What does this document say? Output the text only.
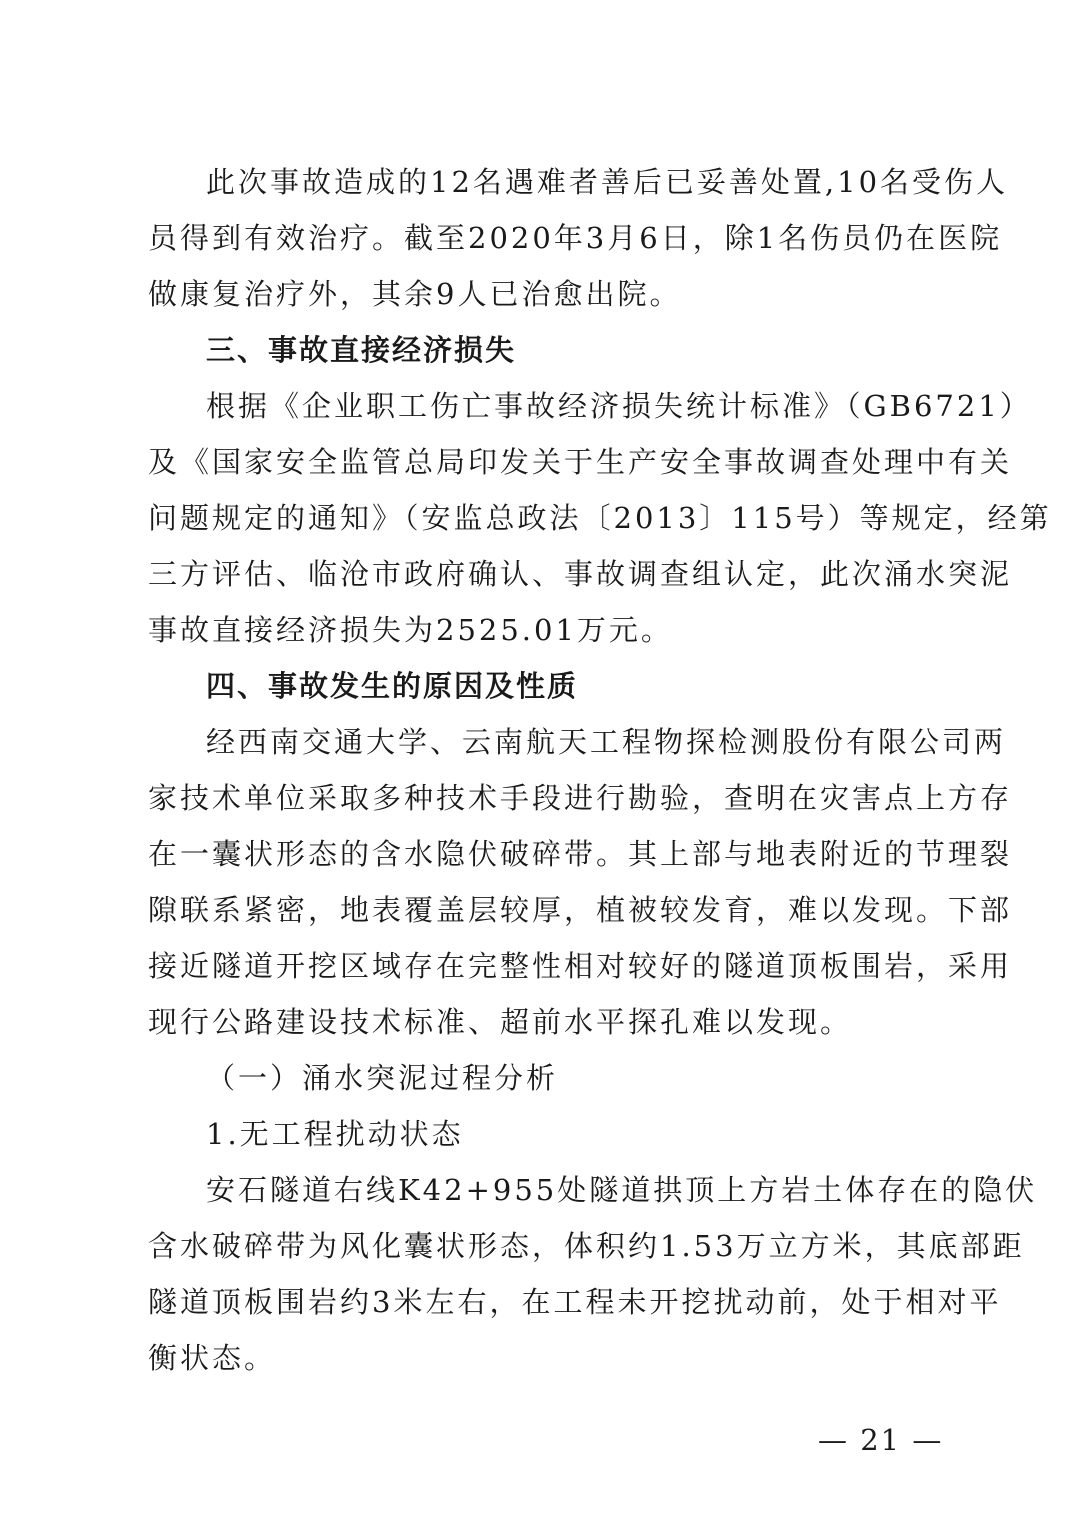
此次事故造成的12名遇难者善后已妥善处置,10名受伤人
员得到有效治疗。截至2020年3月6日，除1名伤员仍在医院
做康复治疗外，其余9人已治愈出院。
三、事故直接经济损失
根据《企业职工伤亡事故经济损失统计标准》（GB6721）
及《国家安全监管总局印发关于生产安全事故调查处理中有关
问题规定的通知》（安监总政法〔2013〕115号）等规定，经第
三方评估、临沧市政府确认、事故调查组认定，此次涌水突泥
事故直接经济损失为2525.01万元。
四、事故发生的原因及性质
经西南交通大学、云南航天工程物探检测股份有限公司两
家技术单位采取多种技术手段进行勘验，查明在灾害点上方存
在一囊状形态的含水隐伏破碎带。其上部与地表附近的节理裂
隙联系紧密，地表覆盖层较厚，植被较发育，难以发现。下部
接近隧道开挖区域存在完整性相对较好的隧道顶板围岩，采用
现行公路建设技术标准、超前水平探孔难以发现。
（一）涌水突泥过程分析
1.无工程扰动状态
安石隧道右线K42+955处隧道拱顶上方岩土体存在的隐伏
含水破碎带为风化囊状形态，体积约1.53万立方米，其底部距
隧道顶板围岩约3米左右，在工程未开挖扰动前，处于相对平
衡状态。
— 21 —
